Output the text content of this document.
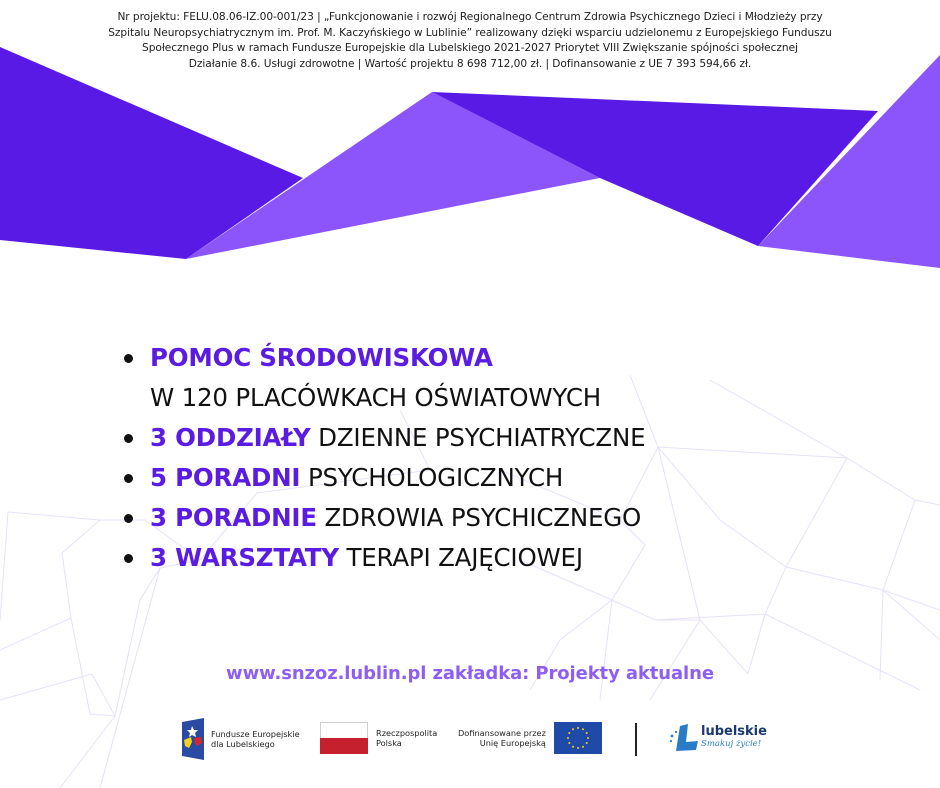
Nr projektu: FELU.08.06-IZ.00-001/23 | „Funkcjonowanie i rozwój Regionalnego Centrum Zdrowia Psychicznego Dzieci i Młodzieży przy
Szpitalu Neuropsychiatrycznym im. Prof. M. Kaczyńskiego w Lublinie” realizowany dzięki wsparciu udzielonemu z Europejskiego Funduszu
Społecznego Plus w ramach Fundusze Europejskie dla Lubelskiego 2021-2027 Priorytet VIII Zwiększanie spójności społecznej
Działanie 8.6. Usługi zdrowotne | Wartość projektu 8 698 712,00 zł. | Dofinansowanie z UE 7 393 594,66 zł.
POMOC ŚRODOWISKOWA
W 120 PLACÓWKACH OŚWIATOWYCH
3 ODDZIAŁY DZIENNE PSYCHIATRYCZNE
5 PORADNI PSYCHOLOGICZNYCH
3 PORADNIE ZDROWIA PSYCHICZNEGO
3 WARSZTATY TERAPI ZAJĘCIOWEJ
www.snzoz.lublin.pl zakładka: Projekty aktualne
Fundusze Europejskie
dla Lubelskiego
Rzeczpospolita
Polska
Dofinansowane przez
Unię Europejską
lubelskie
Smakuj życie!
